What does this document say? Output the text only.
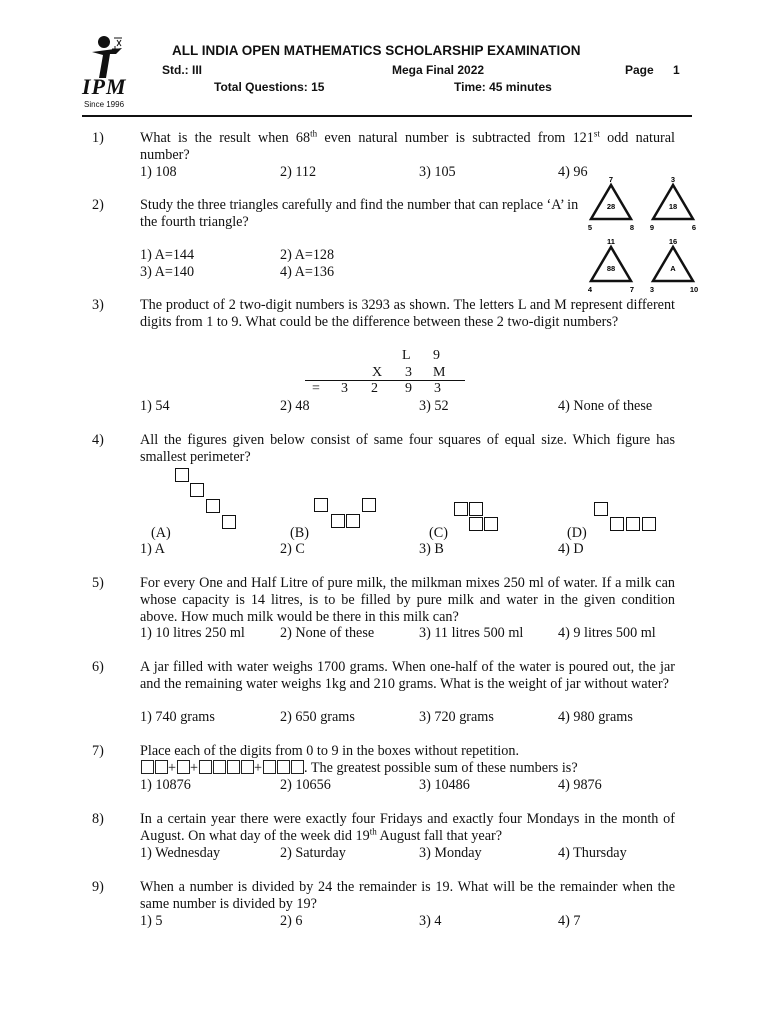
IPM
Since 1996
ALL INDIA OPEN MATHEMATICS SCHOLARSHIP EXAMINATION
Std.: III	Mega Final 2022	Page 1
Total Questions: 15	Time: 45 minutes
1)	What is the result when 68th even natural number is subtracted from 121st odd natural number?
1) 108	2) 112	3) 105	4) 96
2)	Study the three triangles carefully and find the number that can replace ‘A’ in the fourth triangle?
1) A=144	2) A=128
3) A=140	4) A=136
7
28
5	8
3
18
9	6
11
88
4	7
16
A
3	10
3)	The product of 2 two-digit numbers is 3293 as shown. The letters L and M represent different digits from 1 to 9. What could be the difference between these 2 two-digit numbers?
L 9
X 3 M
= 3 2 9 3
1) 54	2) 48	3) 52	4) None of these
4)	All the figures given below consist of same four squares of equal size. Which figure has smallest perimeter?
(A)	(B)	(C)	(D)
1) A	2) C	3) B	4) D
5)	For every One and Half Litre of pure milk, the milkman mixes 250 ml of water. If a milk can whose capacity is 14 litres, is to be filled by pure milk and water in the given condition above. How much milk would be there in this milk can?
1) 10 litres 250 ml 2) None of these	3) 11 litres 500 ml 4) 9 litres 500 ml
6)	A jar filled with water weighs 1700 grams. When one-half of the water is poured out, the jar and the remaining water weighs 1kg and 210 grams. What is the weight of jar without water?
1) 740 grams	2) 650 grams	3) 720 grams	4) 980 grams
7)	Place each of the digits from 0 to 9 in the boxes without repetition.
+ +	+	. The greatest possible sum of these numbers is?
1) 10876	2) 10656	3) 10486	4) 9876
8)	In a certain year there were exactly four Fridays and exactly four Mondays in the month of August. On what day of the week did 19th August fall that year?
1) Wednesday	2) Saturday	3) Monday	4) Thursday
9)	When a number is divided by 24 the remainder is 19. What will be the remainder when the same number is divided by 19?
1) 5	2) 6	3) 4	4) 7
